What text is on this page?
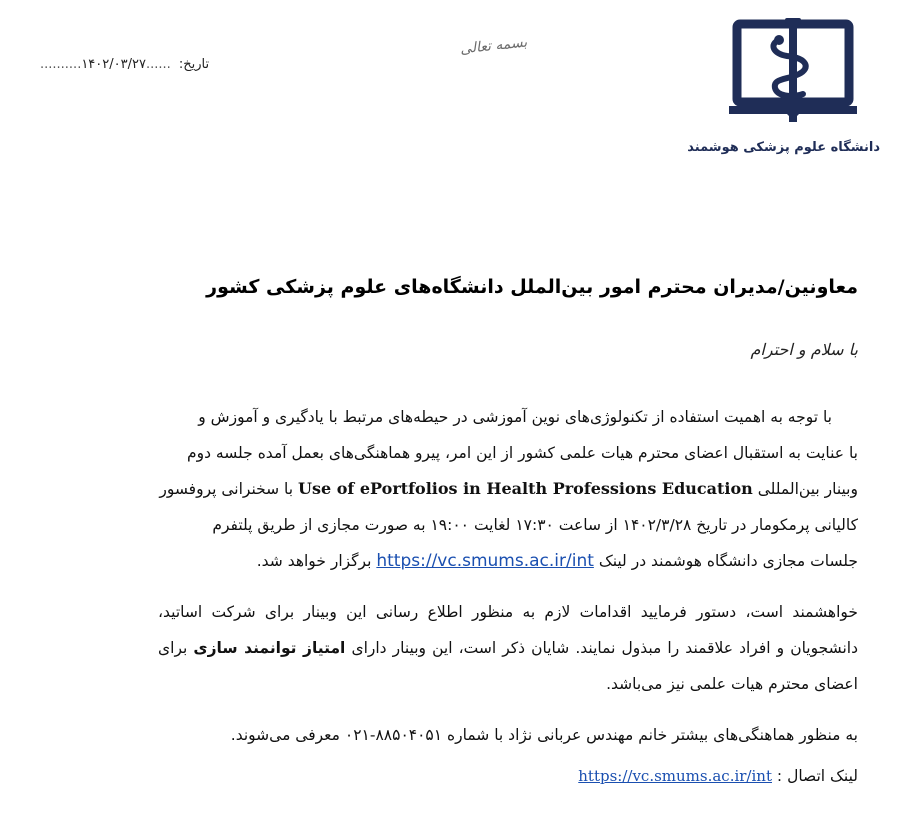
دانشگاه علوم پزشکی هوشمند
بسمه تعالی
تاریخ: ......۱۴۰۲/۰۳/۲۷..........
معاونین/مدیران محترم امور بین‌الملل دانشگاه‌های علوم پزشکی کشور
با سلام و احترام
با توجه به اهمیت استفاده از تکنولوژی‌های نوین آموزشی در حیطه‌های مرتبط با یادگیری و آموزش و
با عنایت به استقبال اعضای محترم هیات علمی کشور از این امر، پیرو هماهنگی‌های بعمل آمده جلسه دوم
وبینار بین‌المللی Use of ePortfolios in Health Professions Education با سخنرانی پروفسور
کالیانی پرمکومار در تاریخ ۱۴۰۲/۳/۲۸ از ساعت ۱۷:۳۰ لغایت ۱۹:۰۰ به صورت مجازی از طریق پلتفرم
جلسات مجازی دانشگاه هوشمند در لینک https://vc.smums.ac.ir/int برگزار خواهد شد.
خواهشمند است، دستور فرمایید اقدامات لازم به منظور اطلاع رسانی این وبینار برای شرکت اساتید، دانشجویان و افراد علاقمند را مبذول نمایند. شایان ذکر است، این وبینار دارای امتیاز توانمند سازی برای اعضای محترم هیات علمی نیز می‌باشد.
به منظور هماهنگی‌های بیشتر خانم مهندس عربانی نژاد با شماره ۸۸۵۰۴۰۵۱-۰۲۱ معرفی می‌شوند.
لینک اتصال : https://vc.smums.ac.ir/int
